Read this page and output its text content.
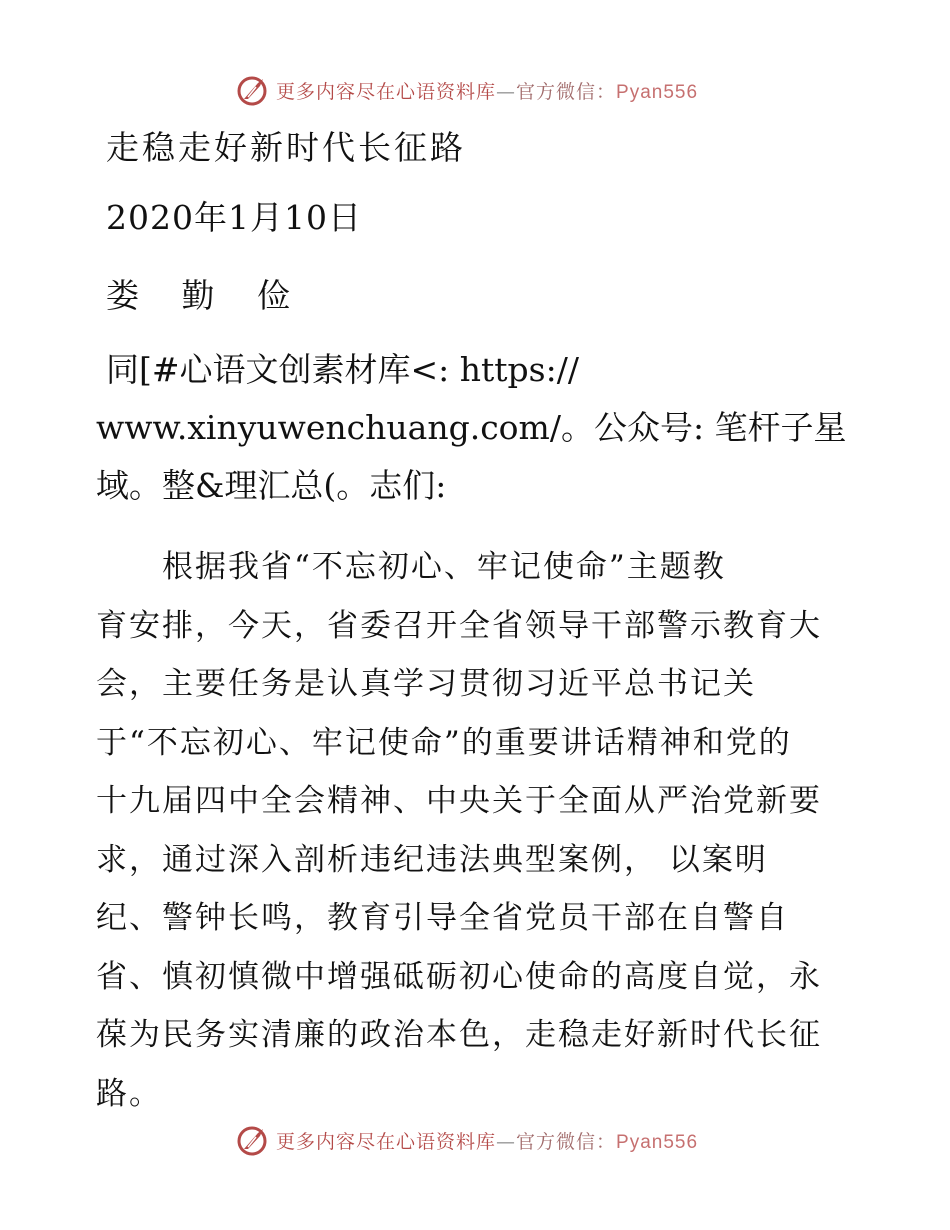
更多内容尽在心语资料库—官方微信：Pyan556

走稳走好新时代长征路

2020年1月10日

娄 勤 俭

同[#心语文创素材库<: https://

www.xinyuwenchuang.com/。公众号: 笔杆子星

域。整&理汇总(。志们:

　　根据我省“不忘初心、牢记使命”主题教
育安排，今天，省委召开全省领导干部警示教育大
会，主要任务是认真学习贯彻习近平总书记关
于“不忘初心、牢记使命”的重要讲话精神和党的
十九届四中全会精神、中央关于全面从严治党新要
求，通过深入剖析违纪违法典型案例， 以案明
纪、警钟长鸣，教育引导全省党员干部在自警自
省、慎初慎微中增强砥砺初心使命的高度自觉，永
葆为民务实清廉的政治本色，走稳走好新时代长征
路。
更多内容尽在心语资料库—官方微信：Pyan556
